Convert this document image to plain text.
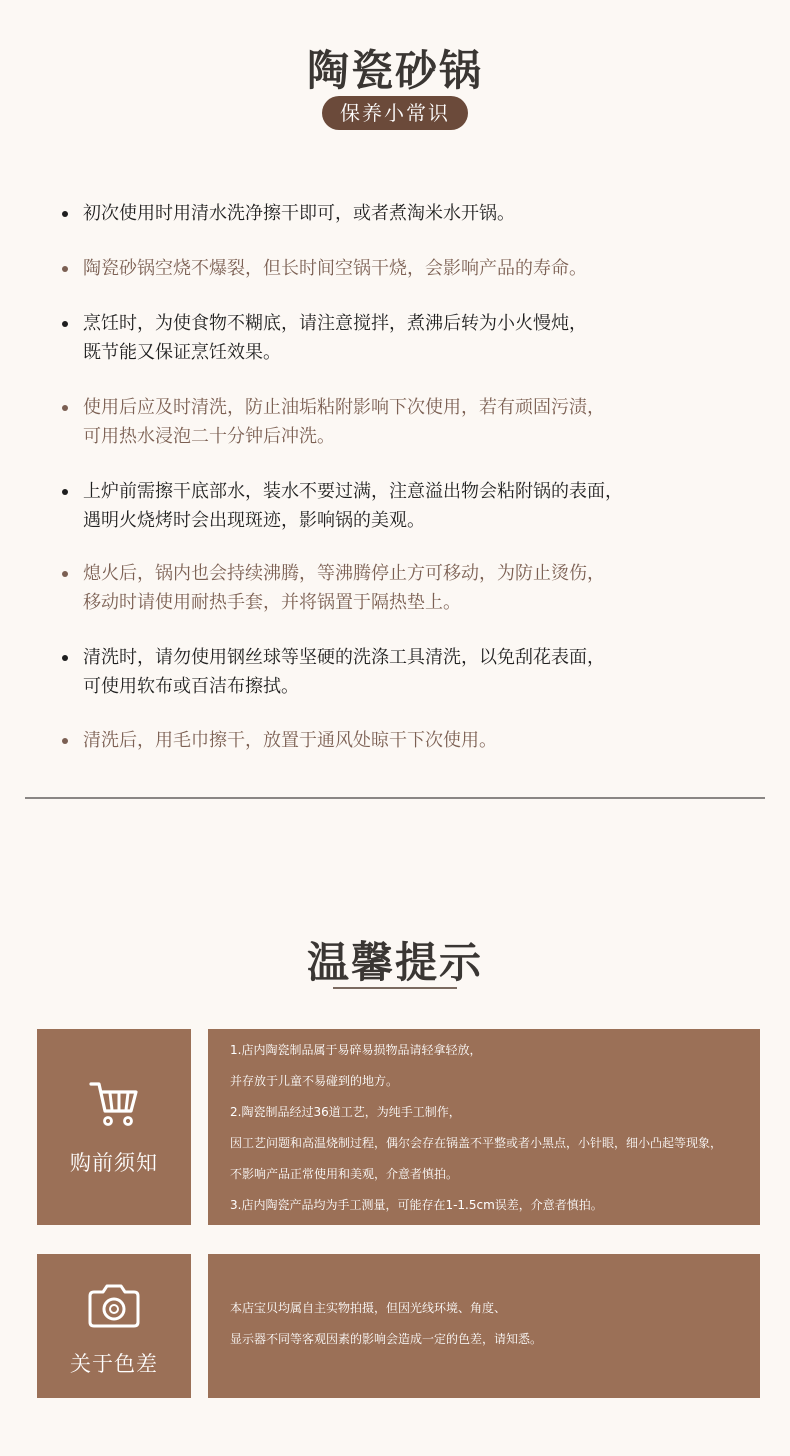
陶瓷砂锅
保养小常识
初次使用时用清水洗净擦干即可，或者煮淘米水开锅。
陶瓷砂锅空烧不爆裂，但长时间空锅干烧，会影响产品的寿命。
烹饪时，为使食物不糊底，请注意搅拌，煮沸后转为小火慢炖，
既节能又保证烹饪效果。
使用后应及时清洗，防止油垢粘附影响下次使用，若有顽固污渍，
可用热水浸泡二十分钟后冲洗。
上炉前需擦干底部水，装水不要过满，注意溢出物会粘附锅的表面，
遇明火烧烤时会出现斑迹，影响锅的美观。
熄火后，锅内也会持续沸腾，等沸腾停止方可移动，为防止烫伤，
移动时请使用耐热手套，并将锅置于隔热垫上。
清洗时，请勿使用钢丝球等坚硬的洗涤工具清洗，以免刮花表面，
可使用软布或百洁布擦拭。
清洗后，用毛巾擦干，放置于通风处晾干下次使用。
温馨提示
购前须知
1.店内陶瓷制品属于易碎易损物品请轻拿轻放，
并存放于儿童不易碰到的地方。
2.陶瓷制品经过36道工艺，为纯手工制作，
因工艺问题和高温烧制过程，偶尔会存在锅盖不平整或者小黑点，小针眼，细小凸起等现象，
不影响产品正常使用和美观，介意者慎拍。
3.店内陶瓷产品均为手工测量，可能存在1-1.5cm误差，介意者慎拍。
关于色差
本店宝贝均属自主实物拍摄，但因光线环境、角度、
显示器不同等客观因素的影响会造成一定的色差，请知悉。
